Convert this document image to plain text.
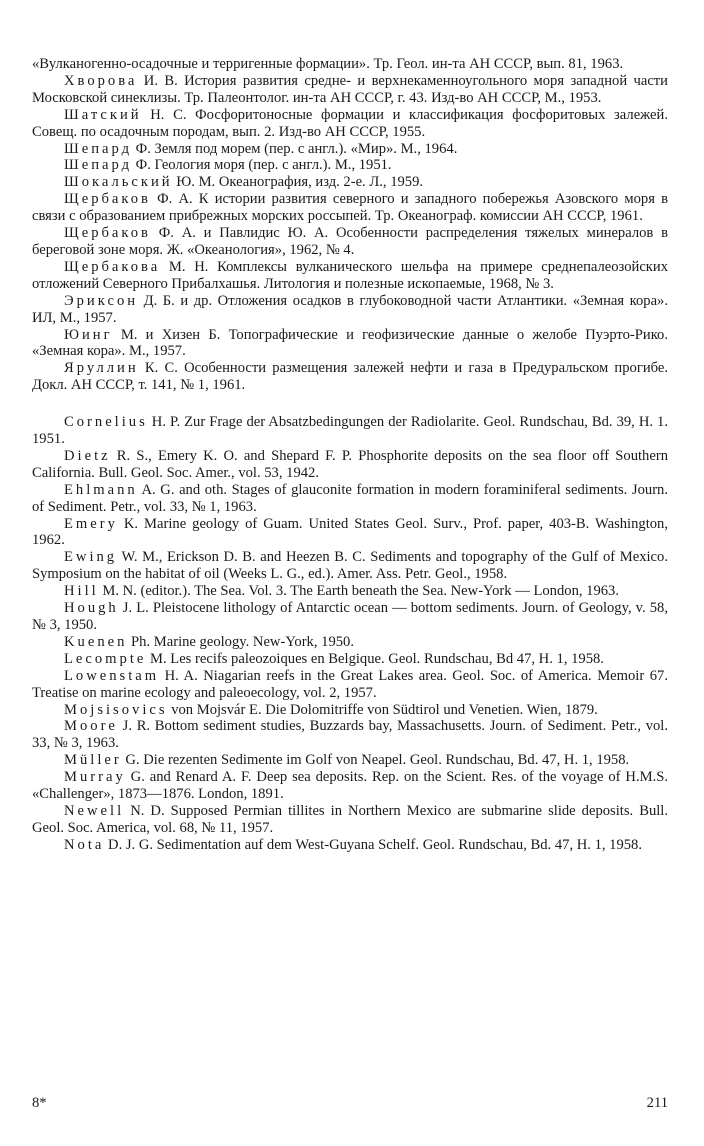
«Вулканогенно-осадочные и терригенные формации». Тр. Геол. ин-та АН СССР, вып. 81, 1963.

Хворова И. В. История развития средне- и верхнекаменноугольного моря западной части Московской синеклизы. Тр. Палеонтолог. ин-та АН СССР, г. 43. Изд-во АН СССР, М., 1953.

Шатский Н. С. Фосфоритоносные формации и классификация фосфоритовых залежей. Совещ. по осадочным породам, вып. 2. Изд-во АН СССР, 1955.

Шепард Ф. Земля под морем (пер. с англ.). «Мир». М., 1964.

Шепард Ф. Геология моря (пер. с англ.). М., 1951.

Шокальский Ю. М. Океанография, изд. 2-е. Л., 1959.

Щербаков Ф. А. К истории развития северного и западного побережья Азовского моря в связи с образованием прибрежных морских россыпей. Тр. Океанограф. комиссии АН СССР, 1961.

Щербаков Ф. А. и Павлидис Ю. А. Особенности распределения тяжелых минералов в береговой зоне моря. Ж. «Океанология», 1962, № 4.

Щербакова М. Н. Комплексы вулканического шельфа на примере среднепалеозойских отложений Северного Прибалхашья. Литология и полезные ископаемые, 1968, № 3.

Эриксон Д. Б. и др. Отложения осадков в глубоководной части Атлантики. «Земная кора». ИЛ, М., 1957.

Юинг М. и Хизен Б. Топографические и геофизические данные о желобе Пуэрто-Рико. «Земная кора». М., 1957.

Яруллин К. С. Особенности размещения залежей нефти и газа в Предуральском прогибе. Докл. АН СССР, т. 141, № 1, 1961.

Cornelius H. P. Zur Frage der Absatzbedingungen der Radiolarite. Geol. Rundschau, Bd. 39, H. 1. 1951.

Dietz R. S., Emery K. O. and Shepard F. P. Phosphorite deposits on the sea floor off Southern California. Bull. Geol. Soc. Amer., vol. 53, 1942.

Ehlmann A. G. and oth. Stages of glauconite formation in modern foraminiferal sediments. Journ. of Sediment. Petr., vol. 33, № 1, 1963.

Emery K. Marine geology of Guam. United States Geol. Surv., Prof. paper, 403-B. Washington, 1962.

Ewing W. M., Erickson D. B. and Heezen B. C. Sediments and topography of the Gulf of Mexico. Symposium on the habitat of oil (Weeks L. G., ed.). Amer. Ass. Petr. Geol., 1958.

Hill M. N. (editor.). The Sea. Vol. 3. The Earth beneath the Sea. New-York — London, 1963.

Hough J. L. Pleistocene lithology of Antarctic ocean — bottom sediments. Journ. of Geology, v. 58, № 3, 1950.

Kuenen Ph. Marine geology. New-York, 1950.

Lecompte M. Les recifs paleozoiques en Belgique. Geol. Rundschau, Bd 47, H. 1, 1958.

Lowenstam H. A. Niagarian reefs in the Great Lakes area. Geol. Soc. of America. Memoir 67. Treatise on marine ecology and paleoecology, vol. 2, 1957.

Mojsisovics von Mojsvár E. Die Dolomitriffe von Südtirol und Venetien. Wien, 1879.

Moore J. R. Bottom sediment studies, Buzzards bay, Massachusetts. Journ. of Sediment. Petr., vol. 33, № 3, 1963.

Müller G. Die rezenten Sedimente im Golf von Neapel. Geol. Rundschau, Bd. 47, H. 1, 1958.

Murray G. and Renard A. F. Deep sea deposits. Rep. on the Scient. Res. of the voyage of H.M.S. «Challenger», 1873—1876. London, 1891.

Newell N. D. Supposed Permian tillites in Northern Mexico are submarine slide deposits. Bull. Geol. Soc. America, vol. 68, № 11, 1957.

Nota D. J. G. Sedimentation auf dem West-Guyana Schelf. Geol. Rundschau, Bd. 47, H. 1, 1958.

8*	211
